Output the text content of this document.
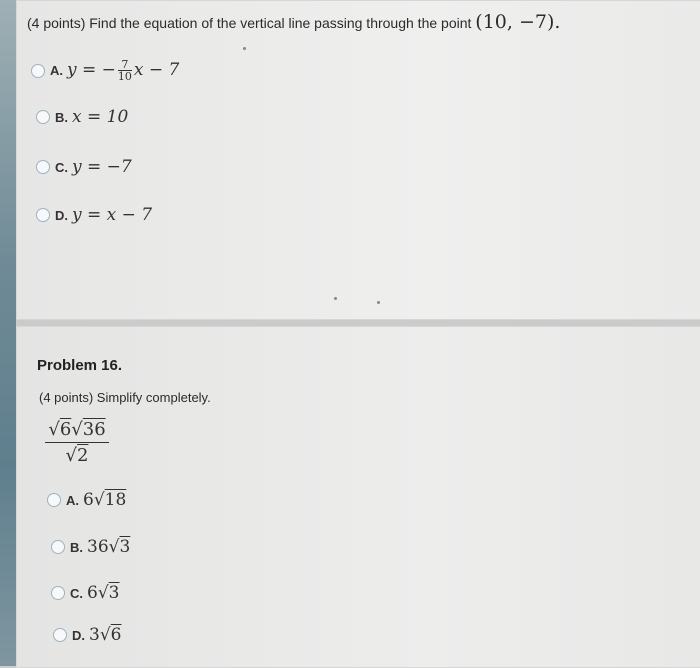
(4 points) Find the equation of the vertical line passing through the point (10, −7).
A. y = − $\frac{7}{10}$ x − 7
B. x = 10
C. y = −7
D. y = x − 7
Problem 16.
(4 points) Simplify completely.
√6√36
√2
A. 6√18
B. 36√3
C. 6√3
D. 3√6
